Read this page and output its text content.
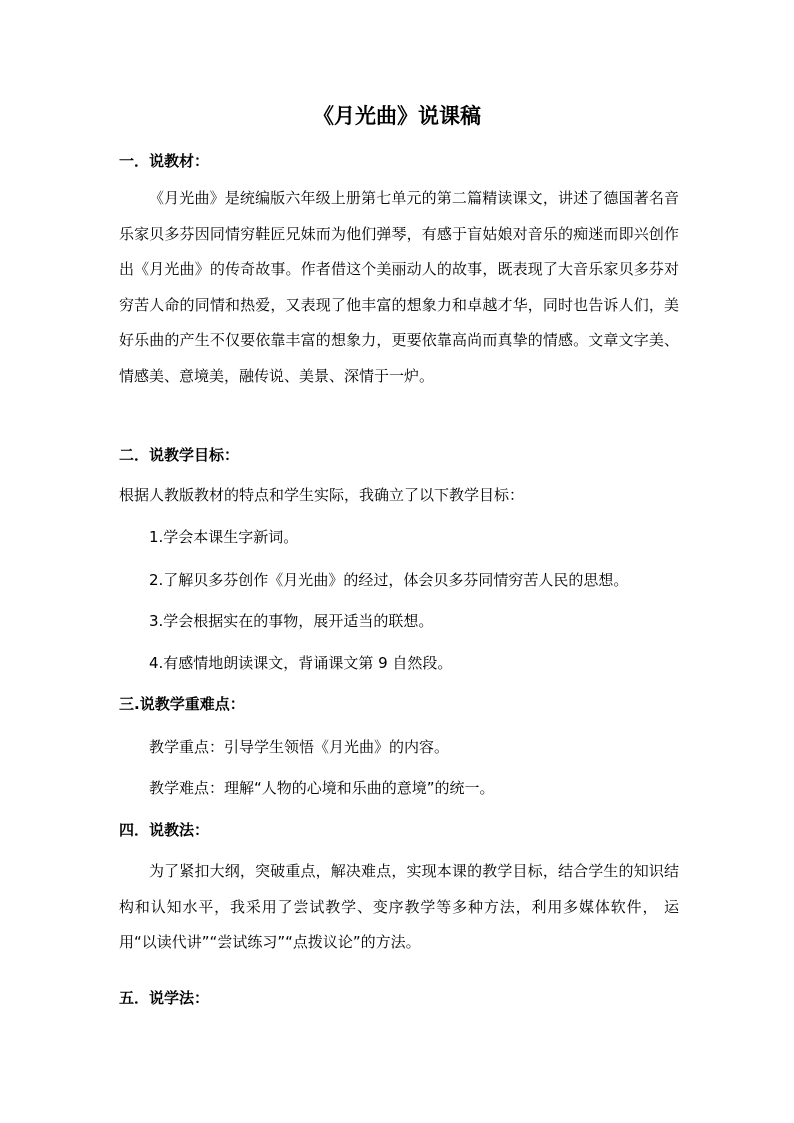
《月光曲》说课稿
一．说教材：

《月光曲》是统编版六年级上册第七单元的第二篇精读课文，讲述了德国著名音乐家贝多芬因同情穷鞋匠兄妹而为他们弹琴，有感于盲姑娘对音乐的痴迷而即兴创作出《月光曲》的传奇故事。作者借这个美丽动人的故事，既表现了大音乐家贝多芬对穷苦人命的同情和热爱，又表现了他丰富的想象力和卓越才华，同时也告诉人们，美好乐曲的产生不仅要依靠丰富的想象力，更要依靠高尚而真挚的情感。文章文字美、情感美、意境美，融传说、美景、深情于一炉。

二．说教学目标：

根据人教版教材的特点和学生实际，我确立了以下教学目标：

1.学会本课生字新词。

2.了解贝多芬创作《月光曲》的经过，体会贝多芬同情穷苦人民的思想。

3.学会根据实在的事物，展开适当的联想。

4.有感情地朗读课文，背诵课文第 9 自然段。

三.说教学重难点：

教学重点：引导学生领悟《月光曲》的内容。

教学难点：理解“人物的心境和乐曲的意境”的统一。

四．说教法：

为了紧扣大纲，突破重点，解决难点，实现本课的教学目标，结合学生的知识结构和认知水平，我采用了尝试教学、变序教学等多种方法，利用多媒体软件， 运用“以读代讲”“尝试练习”“点拨议论”的方法。

五．说学法：
